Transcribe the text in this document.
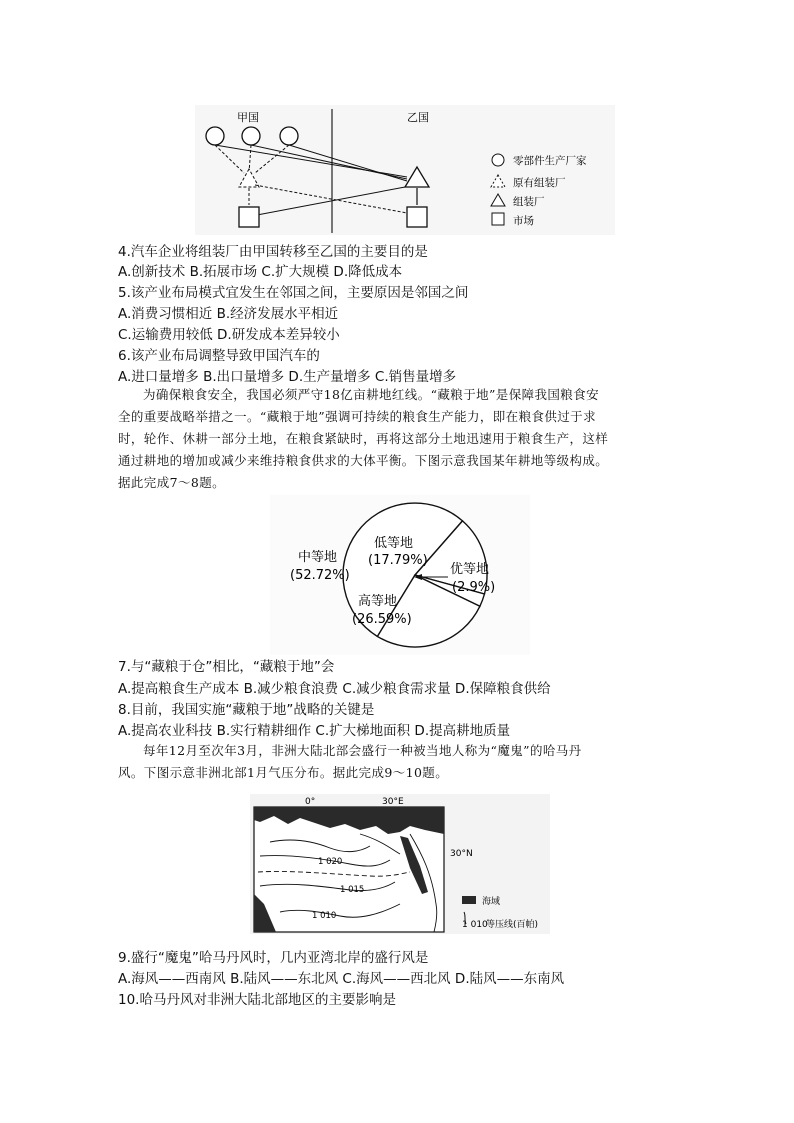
甲国	乙国
零部件生产厂家
原有组装厂
组装厂
市场
4.汽车企业将组装厂由甲国转移至乙国的主要目的是
A.创新技术 B.拓展市场 C.扩大规模 D.降低成本
5.该产业布局模式宜发生在邻国之间，主要原因是邻国之间
A.消费习惯相近 B.经济发展水平相近
C.运输费用较低 D.研发成本差异较小
6.该产业布局调整导致甲国汽车的
A.进口量增多 B.出口量增多 D.生产量增多 C.销售量增多
为确保粮食安全，我国必须严守18亿亩耕地红线。“藏粮于地”是保障我国粮食安
全的重要战略举措之一。“藏粮于地”强调可持续的粮食生产能力，即在粮食供过于求
时，轮作、休耕一部分土地，在粮食紧缺时，再将这部分土地迅速用于粮食生产，这样
通过耕地的增加或减少来维持粮食供求的大体平衡。下图示意我国某年耕地等级构成。
据此完成7～8题。
中等地
(52.72%)
低等地
(17.79%)
优等地
(2.9%)
高等地
(26.59%)
7.与“藏粮于仓”相比，“藏粮于地”会
A.提高粮食生产成本 B.减少粮食浪费 C.减少粮食需求量 D.保障粮食供给
8.目前，我国实施“藏粮于地”战略的关键是
A.提高农业科技 B.实行精耕细作 C.扩大梯地面积 D.提高耕地质量
每年12月至次年3月，非洲大陆北部会盛行一种被当地人称为“魔鬼”的哈马丹
风。下图示意非洲北部1月气压分布。据此完成9～10题。
0°	30°E
1 020
1 015
1 010
30°N
海域
1 010
等压线(百帕)
9.盛行“魔鬼”哈马丹风时，几内亚湾北岸的盛行风是
A.海风——西南风 B.陆风——东北风 C.海风——西北风 D.陆风——东南风
10.哈马丹风对非洲大陆北部地区的主要影响是
